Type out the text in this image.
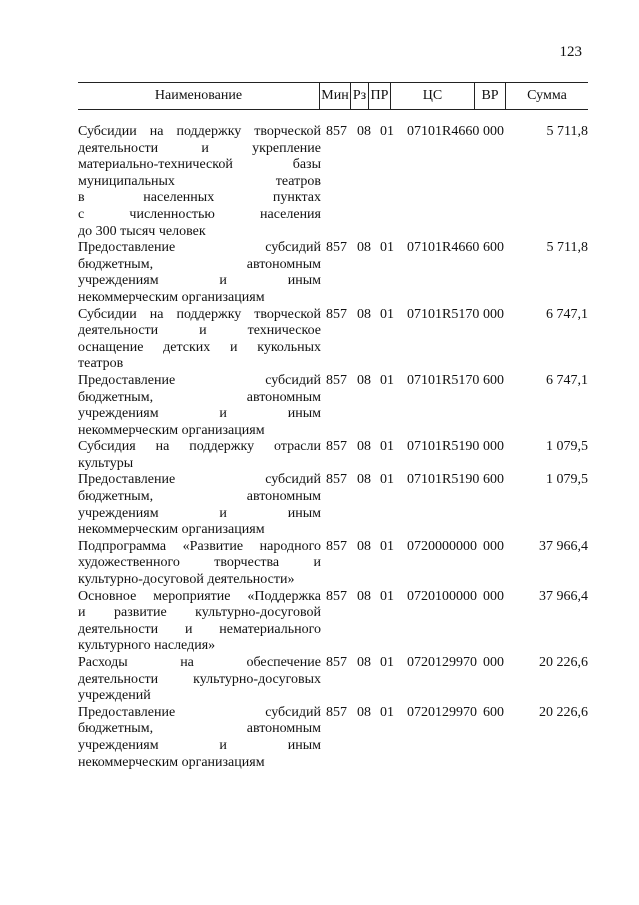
123
Наименование	Мин Рз ПР	ЦС	ВР	Сумма
Субсидии на поддержку творческой
деятельности и укрепление
материально-технической базы
муниципальных театров
в населенных пунктах
с численностью населения
до 300 тысяч человек
857 08 01 07101R4660 000	5 711,8
Предоставление субсидий
бюджетным, автономным
учреждениям и иным
некоммерческим организациям
857 08 01 07101R4660 600	5 711,8
Субсидии на поддержку творческой
деятельности и техническое
оснащение детских и кукольных
театров
857 08 01 07101R5170 000	6 747,1
Предоставление субсидий
бюджетным, автономным
учреждениям и иным
некоммерческим организациям
857 08 01 07101R5170 600	6 747,1
Субсидия на поддержку отрасли
культуры
857 08 01 07101R5190 000	1 079,5
Предоставление субсидий
бюджетным, автономным
учреждениям и иным
некоммерческим организациям
857 08 01 07101R5190 600	1 079,5
Подпрограмма «Развитие народного
художественного творчества и
культурно-досуговой деятельности»
857 08 01 0720000000 000	37 966,4
Основное мероприятие «Поддержка
и развитие культурно-досуговой
деятельности и нематериального
культурного наследия»
857 08 01 0720100000 000	37 966,4
Расходы на обеспечение
деятельности культурно-досуговых
учреждений
857 08 01 0720129970 000	20 226,6
Предоставление субсидий
бюджетным, автономным
учреждениям и иным
некоммерческим организациям
857 08 01 0720129970 600	20 226,6
